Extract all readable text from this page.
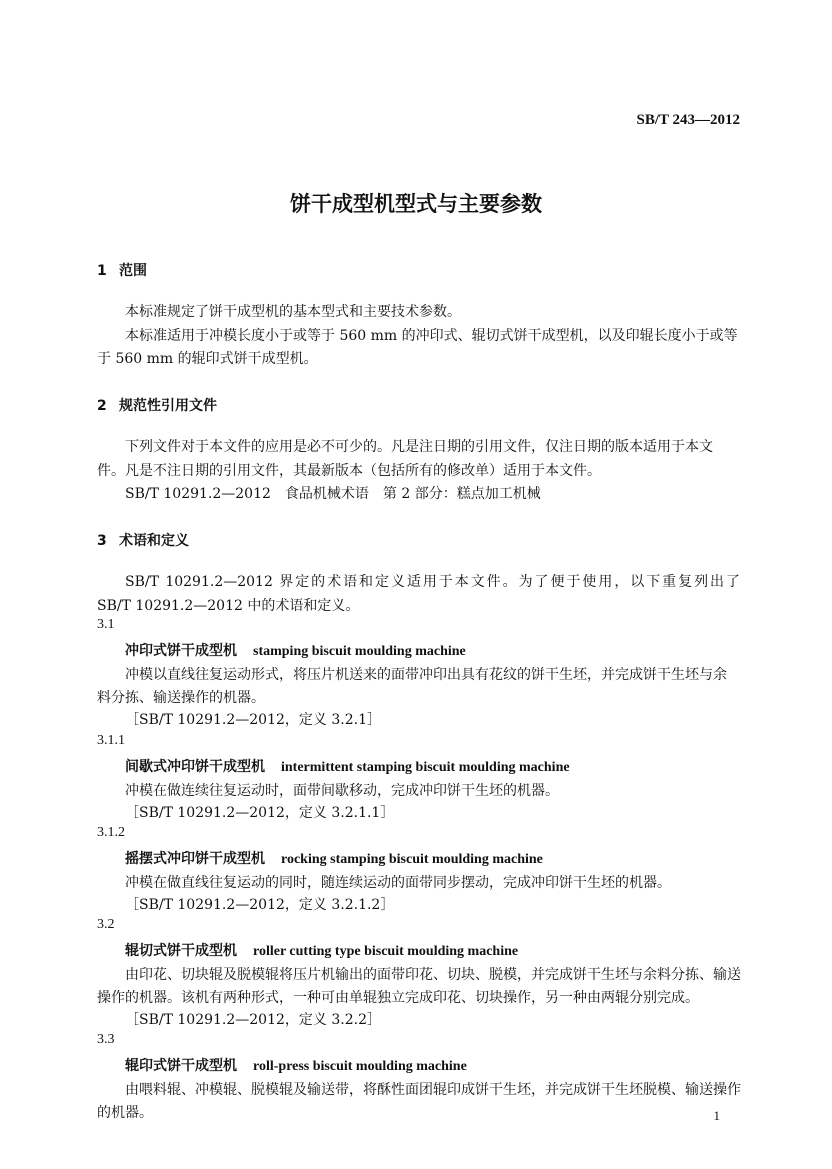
SB/T 243—2012
饼干成型机型式与主要参数
1 范围
本标准规定了饼干成型机的基本型式和主要技术参数。
本标准适用于冲模长度小于或等于 560 mm 的冲印式、辊切式饼干成型机，以及印辊长度小于或等
于 560 mm 的辊印式饼干成型机。
2 规范性引用文件
下列文件对于本文件的应用是必不可少的。凡是注日期的引用文件，仅注日期的版本适用于本文
件。凡是不注日期的引用文件，其最新版本（包括所有的修改单）适用于本文件。
SB/T 10291.2—2012　食品机械术语　第 2 部分：糕点加工机械
3 术语和定义
SB/T 10291.2—2012 界定的术语和定义适用于本文件。为了便于使用，以下重复列出了
SB/T 10291.2—2012 中的术语和定义。
3.1
冲印式饼干成型机 stamping biscuit moulding machine
冲模以直线往复运动形式，将压片机送来的面带冲印出具有花纹的饼干生坯，并完成饼干生坯与余
料分拣、输送操作的机器。
［SB/T 10291.2—2012，定义 3.2.1］
3.1.1
间歇式冲印饼干成型机 intermittent stamping biscuit moulding machine
冲模在做连续往复运动时，面带间歇移动，完成冲印饼干生坯的机器。
［SB/T 10291.2—2012，定义 3.2.1.1］
3.1.2
摇摆式冲印饼干成型机 rocking stamping biscuit moulding machine
冲模在做直线往复运动的同时，随连续运动的面带同步摆动，完成冲印饼干生坯的机器。
［SB/T 10291.2—2012，定义 3.2.1.2］
3.2
辊切式饼干成型机 roller cutting type biscuit moulding machine
由印花、切块辊及脱模辊将压片机输出的面带印花、切块、脱模，并完成饼干生坯与余料分拣、输送
操作的机器。该机有两种形式，一种可由单辊独立完成印花、切块操作，另一种由两辊分别完成。
［SB/T 10291.2—2012，定义 3.2.2］
3.3
辊印式饼干成型机 roll-press biscuit moulding machine
由喂料辊、冲模辊、脱模辊及输送带，将酥性面团辊印成饼干生坯，并完成饼干生坯脱模、输送操作
的机器。	1
